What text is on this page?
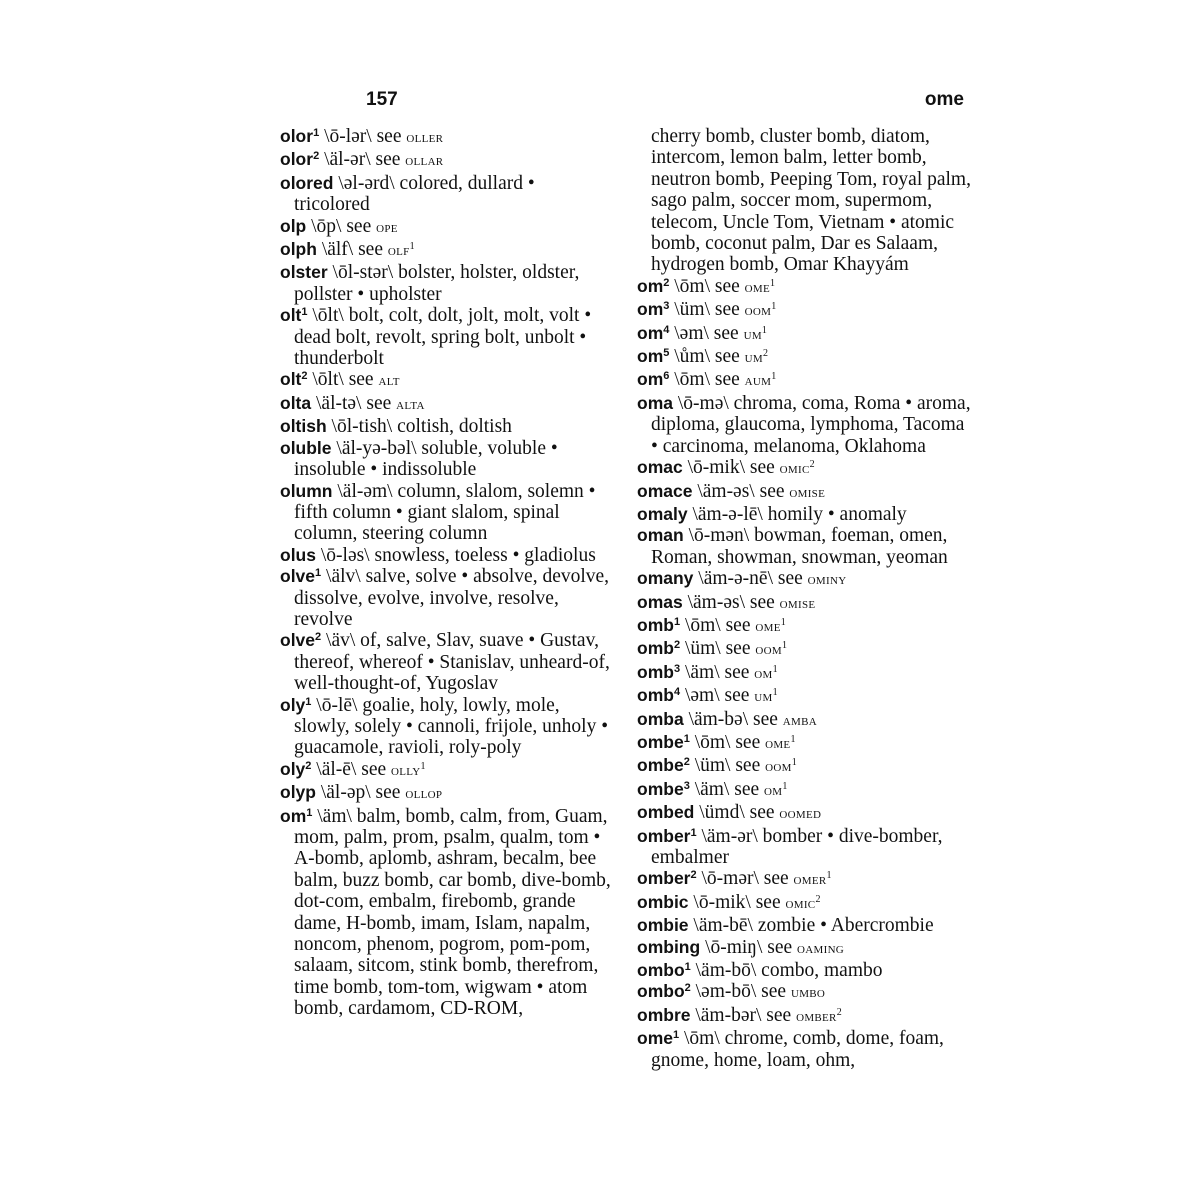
157	ome
olor$^1$ \ō-lər\ see oller
olor$^2$ \äl-ər\ see ollar
olored \əl-ərd\ colored, dullard • tricolored
olp \ōp\ see ope
olph \älf\ see olf$^1$
olster \ōl-stər\ bolster, holster, oldster, pollster • upholster
olt$^1$ \ōlt\ bolt, colt, dolt, jolt, molt, volt • dead bolt, revolt, spring bolt, unbolt • thunderbolt
olt$^2$ \ōlt\ see alt
olta \äl-tə\ see alta
oltish \ōl-tish\ coltish, doltish
oluble \äl-yə-bəl\ soluble, voluble • insoluble • indissoluble
olumn \äl-əm\ column, slalom, solemn • fifth column • giant slalom, spinal column, steering column
olus \ō-ləs\ snowless, toeless • gladiolus
olve$^1$ \älv\ salve, solve • absolve, devolve, dissolve, evolve, involve, resolve, revolve
olve$^2$ \äv\ of, salve, Slav, suave • Gustav, thereof, whereof • Stanislav, unheard-of, well-thought-of, Yugoslav
oly$^1$ \ō-lē\ goalie, holy, lowly, mole, slowly, solely • cannoli, frijole, unholy • guacamole, ravioli, roly-poly
oly$^2$ \äl-ē\ see olly$^1$
olyp \äl-əp\ see ollop
$om^1$ \äm\ balm, bomb, calm, from, Guam, mom, palm, prom, psalm, qualm, tom • A-bomb, aplomb, ashram, becalm, bee balm, buzz bomb, car bomb, dive-bomb, dot-com, embalm, firebomb, grande dame, H-bomb, imam, Islam, napalm, noncom, phenom, pogrom, pom-pom, salaam, sitcom, stink bomb, therefrom, time bomb, tom-tom, wigwam • atom bomb, cardamom, CD-ROM,
cherry bomb, cluster bomb, diatom, intercom, lemon balm, letter bomb, neutron bomb, Peeping Tom, royal palm, sago palm, soccer mom, supermom, telecom, Uncle Tom, Vietnam • atomic bomb, coconut palm, Dar es Salaam, hydrogen bomb, Omar Khayyám
$om^2$ \ōm\ see ome$^1$
$om^3$ \üm\ see oom$^1$
$om^4$ \əm\ see $um^1$
$om^5$ \ům\ see $um^2$
$om^6$ \ōm\ see aum$^1$
oma \ō-mə\ chroma, coma, Roma • aroma, diploma, glaucoma, lymphoma, Tacoma • carcinoma, melanoma, Oklahoma
omac \ō-mik\ see omic$^2$
omace \äm-əs\ see omise
omaly \äm-ə-lē\ homily • anomaly
oman \ō-mən\ bowman, foeman, omen, Roman, showman, snowman, yeoman
omany \äm-ə-nē\ see ominy
omas \äm-əs\ see omise
omb$^1$ \ōm\ see ome$^1$
omb$^2$ \üm\ see oom$^1$
omb$^3$ \äm\ see $om^1$
omb$^4$ \əm\ see $um^1$
omba \äm-bə\ see amba
ombe$^1$ \ōm\ see ome$^1$
ombe$^2$ \üm\ see oom$^1$
ombe$^3$ \äm\ see $om^1$
ombed \ümd\ see oomed
omber$^1$ \äm-ər\ bomber • dive-bomber, embalmer
omber$^2$ \ō-mər\ see omer$^1$
ombic \ō-mik\ see omic$^2$
ombie \äm-bē\ zombie • Abercrombie
ombing \ō-miŋ\ see oaming
ombo$^1$ \äm-bō\ combo, mambo
ombo$^2$ \əm-bō\ see umbo
ombre \äm-bər\ see omber$^2$
ome$^1$ \ōm\ chrome, comb, dome, foam, gnome, home, loam, ohm,
